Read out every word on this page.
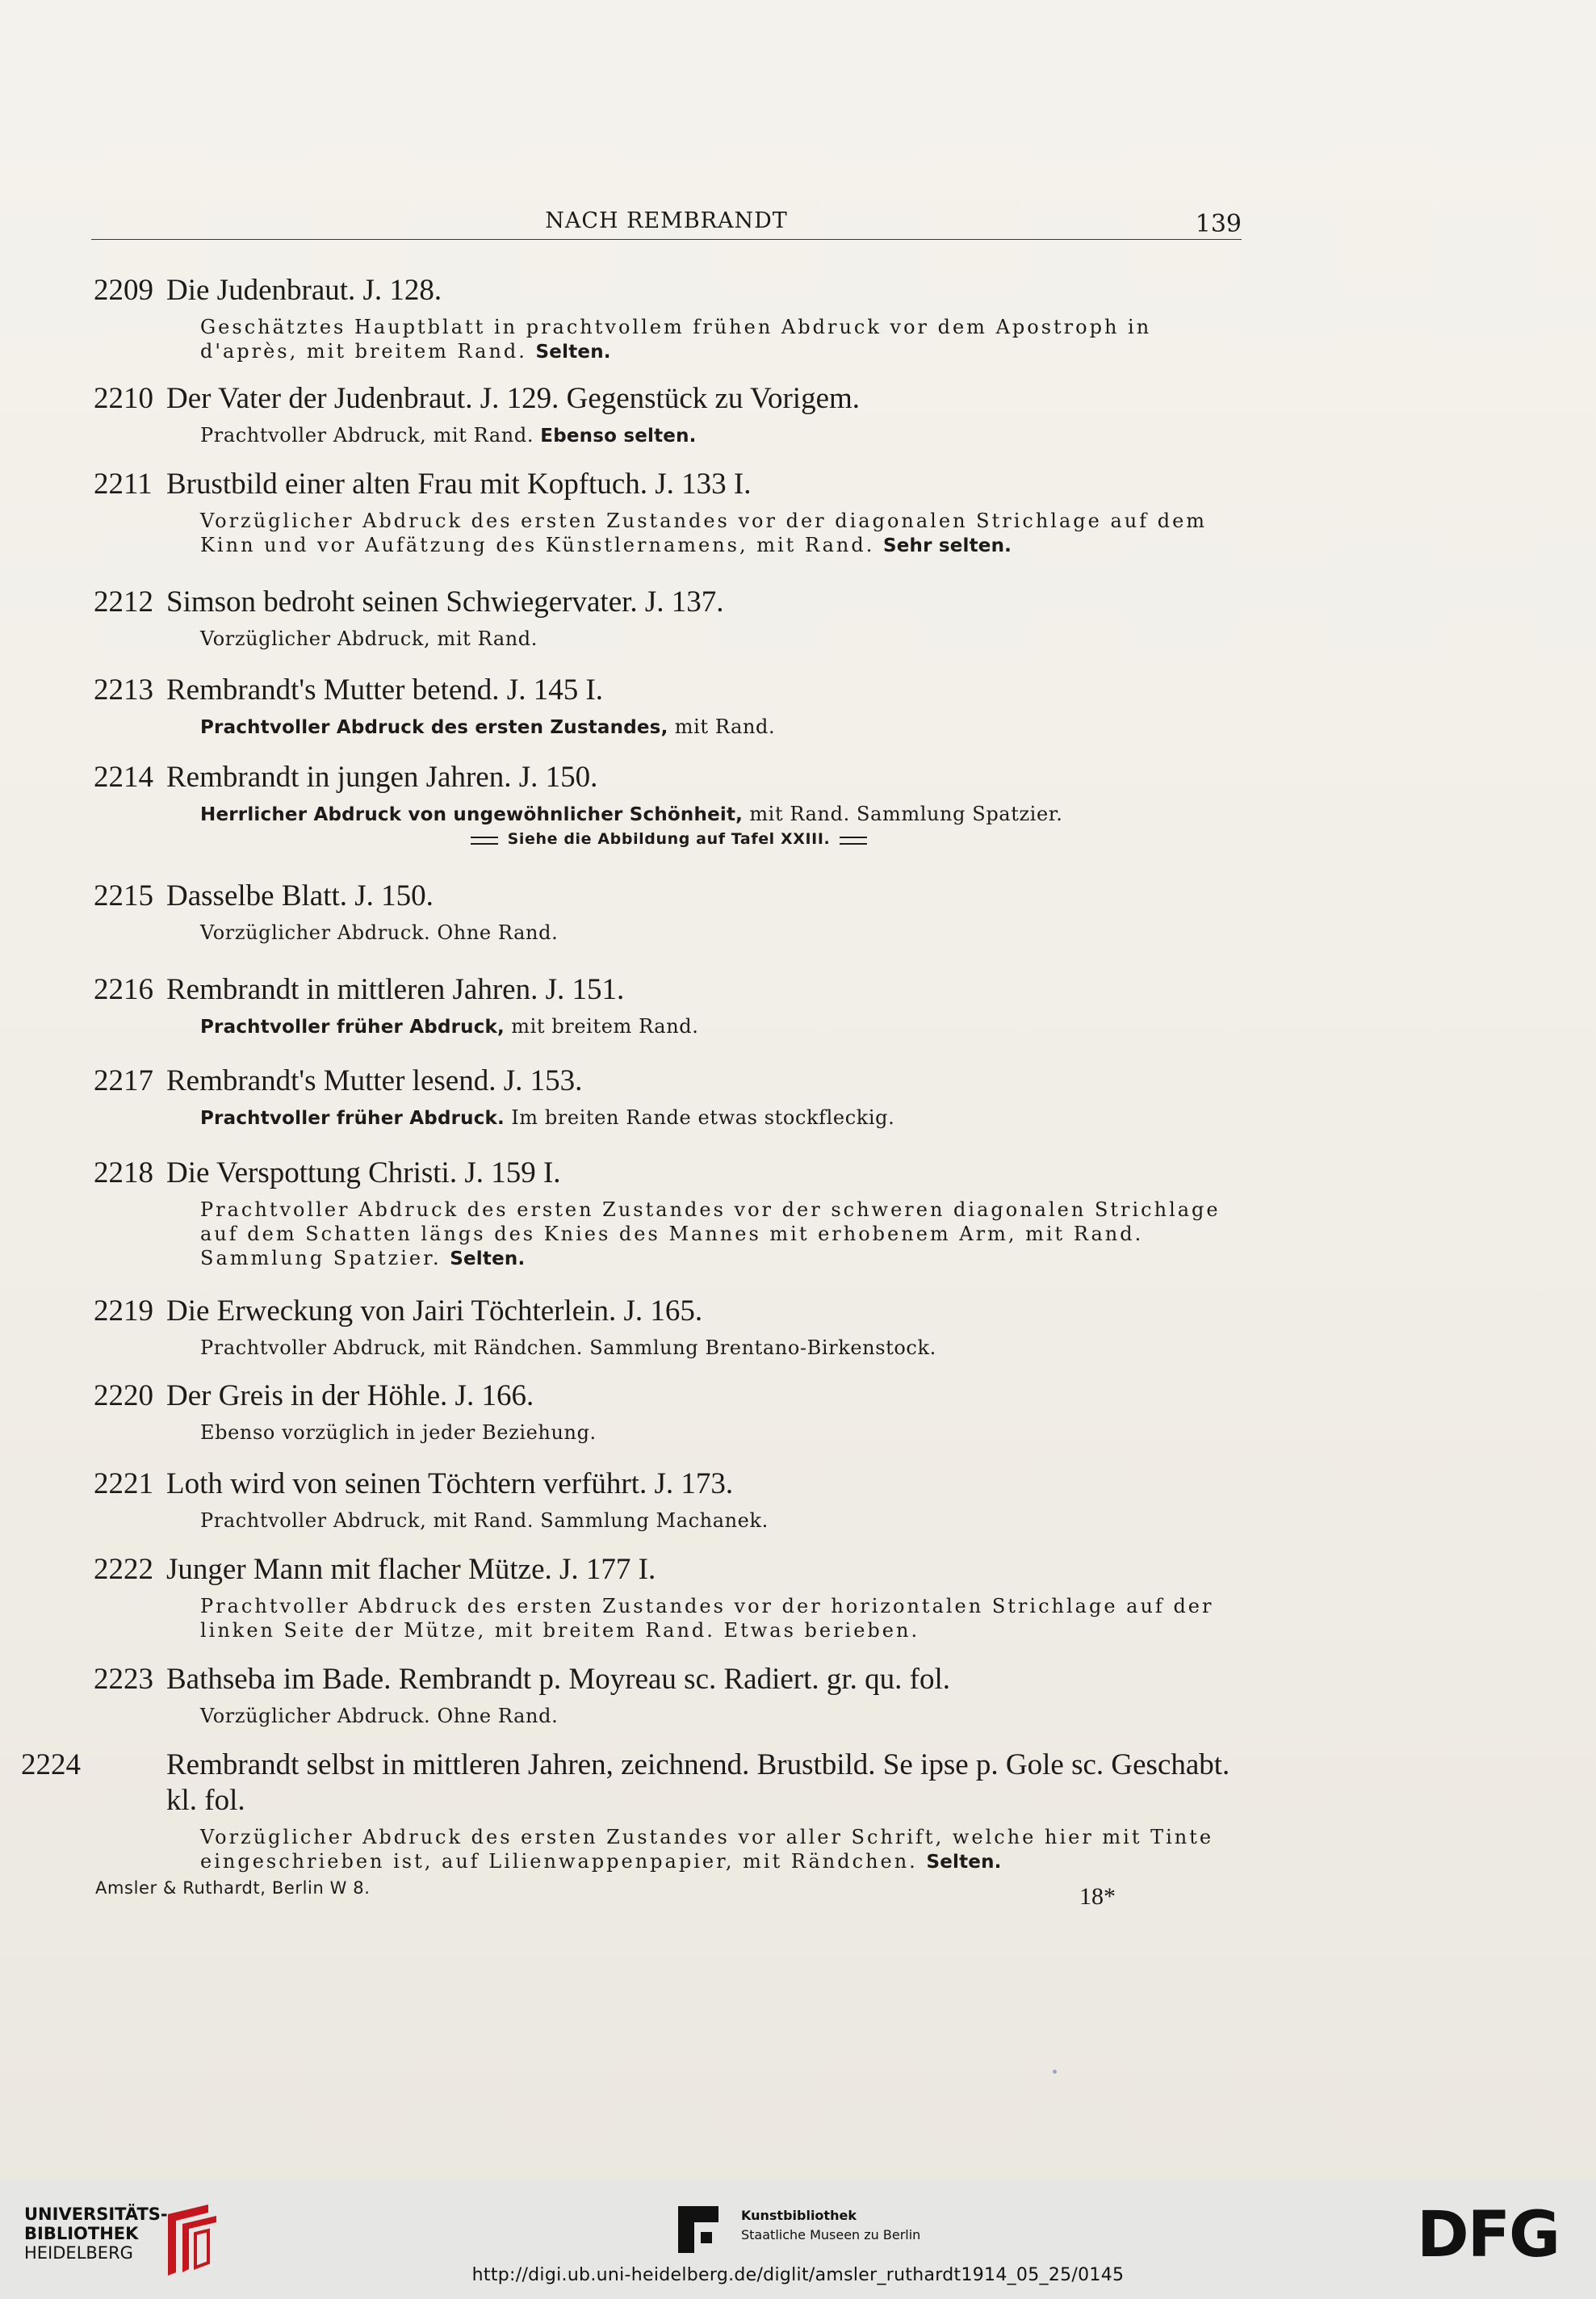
NACH REMBRANDT	139
2209 Die Judenbraut. J. 128.
Geschätztes Hauptblatt in prachtvollem frühen Abdruck vor dem Apostroph in d'après, mit breitem Rand. Selten.
2210 Der Vater der Judenbraut. J. 129. Gegenstück zu Vorigem.
Prachtvoller Abdruck, mit Rand. Ebenso selten.
2211 Brustbild einer alten Frau mit Kopftuch. J. 133 I.
Vorzüglicher Abdruck des ersten Zustandes vor der diagonalen Strichlage auf dem Kinn und vor Aufätzung des Künstlernamens, mit Rand. Sehr selten.
2212 Simson bedroht seinen Schwiegervater. J. 137.
Vorzüglicher Abdruck, mit Rand.
2213 Rembrandt's Mutter betend. J. 145 I.
Prachtvoller Abdruck des ersten Zustandes, mit Rand.
2214 Rembrandt in jungen Jahren. J. 150.
Herrlicher Abdruck von ungewöhnlicher Schönheit, mit Rand. Sammlung Spatzier.
Siehe die Abbildung auf Tafel XXIII.
2215 Dasselbe Blatt. J. 150.
Vorzüglicher Abdruck. Ohne Rand.
2216 Rembrandt in mittleren Jahren. J. 151.
Prachtvoller früher Abdruck, mit breitem Rand.
2217 Rembrandt's Mutter lesend. J. 153.
Prachtvoller früher Abdruck. Im breiten Rande etwas stockfleckig.
2218 Die Verspottung Christi. J. 159 I.
Prachtvoller Abdruck des ersten Zustandes vor der schweren diagonalen Strichlage auf dem Schatten längs des Knies des Mannes mit erhobenem Arm, mit Rand. Sammlung Spatzier. Selten.
2219 Die Erweckung von Jairi Töchterlein. J. 165.
Prachtvoller Abdruck, mit Rändchen. Sammlung Brentano-Birkenstock.
2220 Der Greis in der Höhle. J. 166.
Ebenso vorzüglich in jeder Beziehung.
2221 Loth wird von seinen Töchtern verführt. J. 173.
Prachtvoller Abdruck, mit Rand. Sammlung Machanek.
2222 Junger Mann mit flacher Mütze. J. 177 I.
Prachtvoller Abdruck des ersten Zustandes vor der horizontalen Strichlage auf der linken Seite der Mütze, mit breitem Rand. Etwas berieben.
2223 Bathseba im Bade. Rembrandt p. Moyreau sc. Radiert. gr. qu. fol.
Vorzüglicher Abdruck. Ohne Rand.
2224	Rembrandt selbst in mittleren Jahren, zeichnend. Brustbild. Se ipse p. Gole sc. Geschabt. kl. fol.
Vorzüglicher Abdruck des ersten Zustandes vor aller Schrift, welche hier mit Tinte eingeschrieben ist, auf Lilienwappenpapier, mit Rändchen. Selten.
Amsler & Ruthardt, Berlin W 8.	18*
UNIVERSITÄTS-
BIBLIOTHEK
HEIDELBERG
Kunstbibliothek
Staatliche Museen zu Berlin	DFG
http://digi.ub.uni-heidelberg.de/diglit/amsler_ruthardt1914_05_25/0145
